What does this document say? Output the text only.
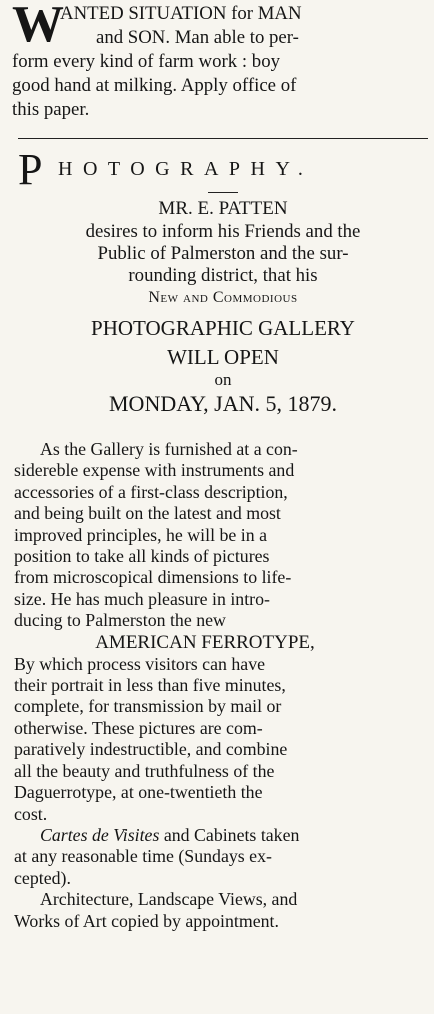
W
ANTED SITUATION for MAN
and SON. Man able to per-
form every kind of farm work : boy
good hand at milking. Apply office of
this paper.
P HOTOGRAPHY.
MR. E. PATTEN
desires to inform his Friends and the
Public of Palmerston and the sur-
rounding district, that his
New and Commodious
PHOTOGRAPHIC GALLERY
WILL OPEN
on
MONDAY, JAN. 5, 1879.
As the Gallery is furnished at a con-
sidereble expense with instruments and
accessories of a first-class description,
and being built on the latest and most
improved principles, he will be in a
position to take all kinds of pictures
from microscopical dimensions to life-
size. He has much pleasure in intro-
ducing to Palmerston the new
AMERICAN FERROTYPE,
By which process visitors can have
their portrait in less than five minutes,
complete, for transmission by mail or
otherwise. These pictures are com-
paratively indestructible, and combine
all the beauty and truthfulness of the
Daguerrotype, at one-twentieth the
cost.
Cartes de Visites and Cabinets taken
at any reasonable time (Sundays ex-
cepted).
Architecture, Landscape Views, and
Works of Art copied by appointment.
